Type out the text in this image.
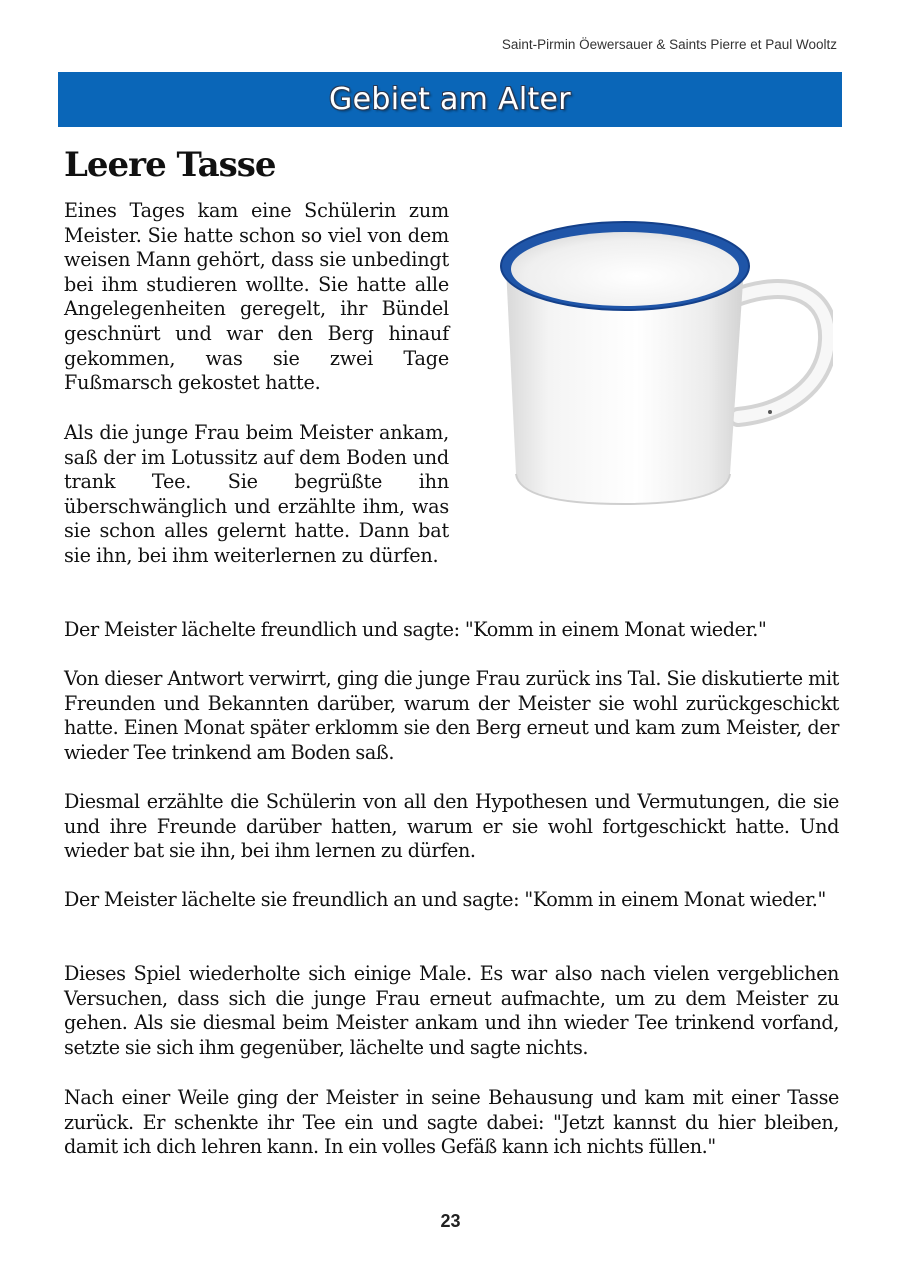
Saint-Pirmin Öewersauer & Saints Pierre et Paul Wooltz
Gebiet am Alter
Leere Tasse

Eines Tages kam eine Schülerin zum Meister. Sie hatte schon so viel von dem weisen Mann gehört, dass sie unbedingt bei ihm studieren wollte. Sie hatte alle Angelegenheiten geregelt, ihr Bündel geschnürt und war den Berg hinauf gekommen, was sie zwei Tage Fußmarsch gekostet hatte.

Als die junge Frau beim Meister ankam, saß der im Lotussitz auf dem Boden und trank Tee. Sie begrüßte ihn überschwänglich und erzählte ihm, was sie schon alles gelernt hatte. Dann bat sie ihn, bei ihm weiterlernen zu dürfen.

Der Meister lächelte freundlich und sagte: "Komm in einem Monat wieder."

Von dieser Antwort verwirrt, ging die junge Frau zurück ins Tal. Sie diskutierte mit Freunden und Bekannten darüber, warum der Meister sie wohl zurückgeschickt hatte. Einen Monat später erklomm sie den Berg erneut und kam zum Meister, der wieder Tee trinkend am Boden saß.

Diesmal erzählte die Schülerin von all den Hypothesen und Vermutungen, die sie und ihre Freunde darüber hatten, warum er sie wohl fortgeschickt hatte. Und wieder bat sie ihn, bei ihm lernen zu dürfen.

Der Meister lächelte sie freundlich an und sagte: "Komm in einem Monat wieder."

Dieses Spiel wiederholte sich einige Male. Es war also nach vielen vergeblichen Versuchen, dass sich die junge Frau erneut aufmachte, um zu dem Meister zu gehen. Als sie diesmal beim Meister ankam und ihn wieder Tee trinkend vorfand, setzte sie sich ihm gegenüber, lächelte und sagte nichts.

Nach einer Weile ging der Meister in seine Behausung und kam mit einer Tasse zurück. Er schenkte ihr Tee ein und sagte dabei: "Jetzt kannst du hier bleiben, damit ich dich lehren kann. In ein volles Gefäß kann ich nichts füllen."

23
